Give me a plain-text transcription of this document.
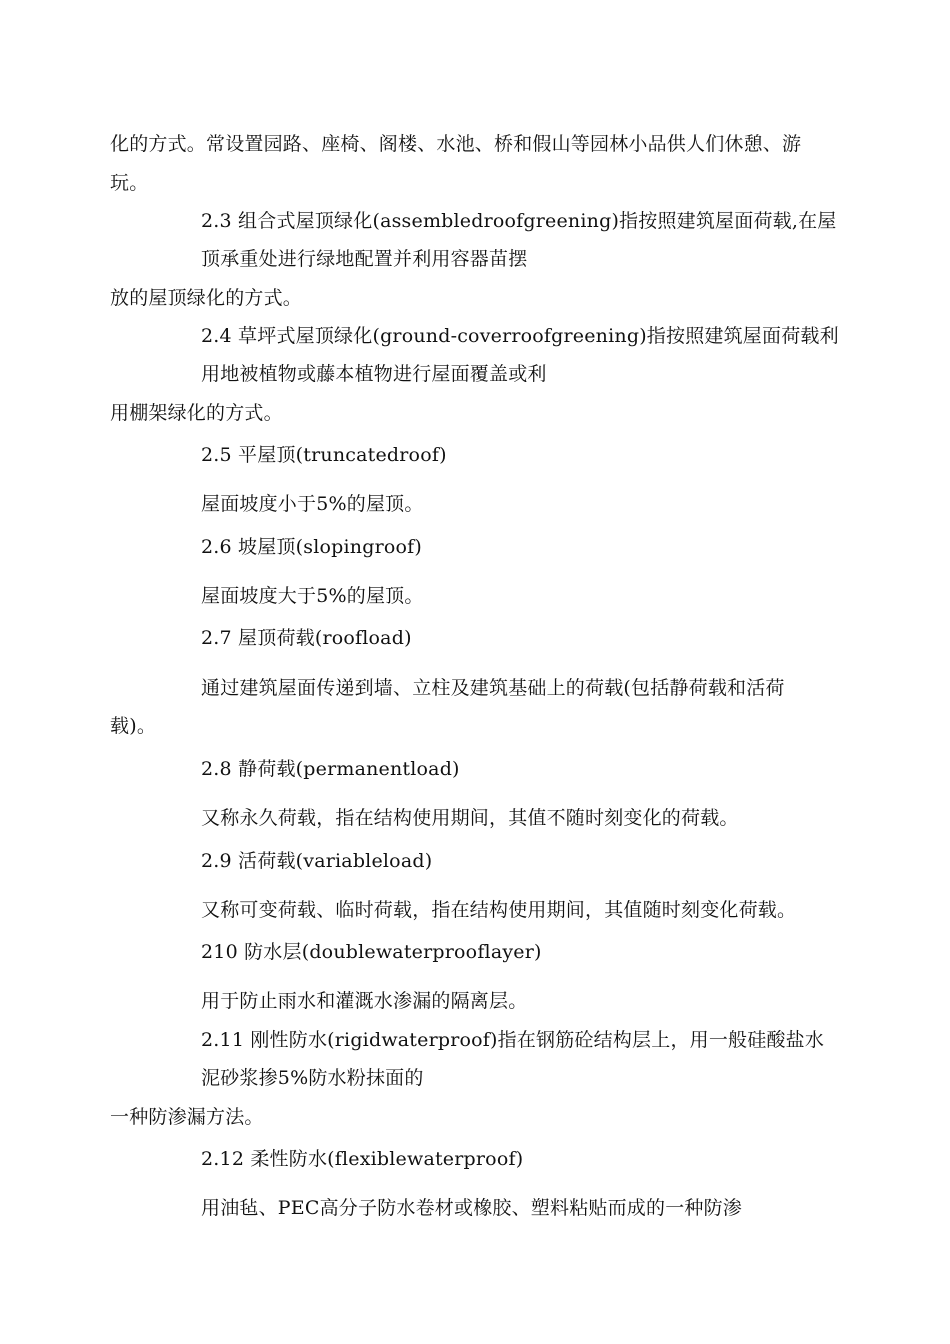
化的方式。常设置园路、座椅、阁楼、水池、桥和假山等园林小品供人们休憩、游
玩。
2.3 组合式屋顶绿化(assembledroofgreening)指按照建筑屋面荷载,在屋
顶承重处进行绿地配置并利用容器苗摆
放的屋顶绿化的方式。
2.4 草坪式屋顶绿化(ground-coverroofgreening)指按照建筑屋面荷载利
用地被植物或藤本植物进行屋面覆盖或利
用棚架绿化的方式。
2.5 平屋顶(truncatedroof)
屋面坡度小于5%的屋顶。
2.6 坡屋顶(slopingroof)
屋面坡度大于5%的屋顶。
2.7 屋顶荷载(roofload)
通过建筑屋面传递到墙、立柱及建筑基础上的荷载(包括静荷载和活荷
载)。
2.8 静荷载(permanentload)
又称永久荷载，指在结构使用期间，其值不随时刻变化的荷载。
2.9 活荷载(variableload)
又称可变荷载、临时荷载，指在结构使用期间，其值随时刻变化荷载。
210 防水层(doublewaterprooflayer)
用于防止雨水和灌溉水渗漏的隔离层。
2.11 刚性防水(rigidwaterproof)指在钢筋砼结构层上，用一般硅酸盐水
泥砂浆掺5%防水粉抹面的
一种防渗漏方法。
2.12 柔性防水(flexiblewaterproof)
用油毡、PEC高分子防水卷材或橡胶、塑料粘贴而成的一种防渗
